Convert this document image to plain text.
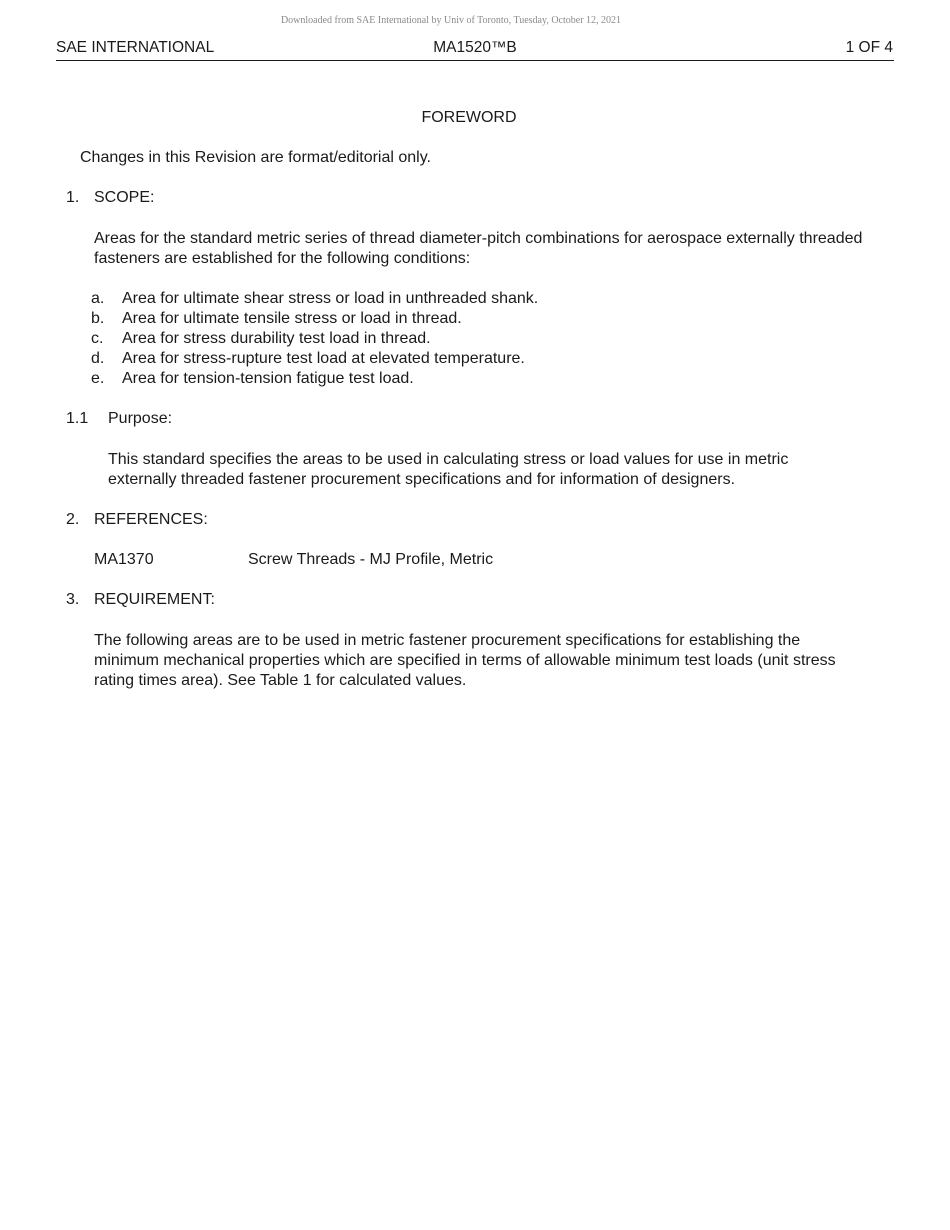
Downloaded from SAE International by Univ of Toronto, Tuesday, October 12, 2021
SAE INTERNATIONAL	MA1520™B	1 OF 4
FOREWORD
Changes in this Revision are format/editorial only.
1. SCOPE:
Areas for the standard metric series of thread diameter-pitch combinations for aerospace externally threaded fasteners are established for the following conditions:
a. Area for ultimate shear stress or load in unthreaded shank.
b. Area for ultimate tensile stress or load in thread.
c. Area for stress durability test load in thread.
d. Area for stress-rupture test load at elevated temperature.
e. Area for tension-tension fatigue test load.
1.1 Purpose:
This standard specifies the areas to be used in calculating stress or load values for use in metric externally threaded fastener procurement specifications and for information of designers.
2. REFERENCES:
MA1370	Screw Threads - MJ Profile, Metric
3. REQUIREMENT:
The following areas are to be used in metric fastener procurement specifications for establishing the minimum mechanical properties which are specified in terms of allowable minimum test loads (unit stress rating times area). See Table 1 for calculated values.
